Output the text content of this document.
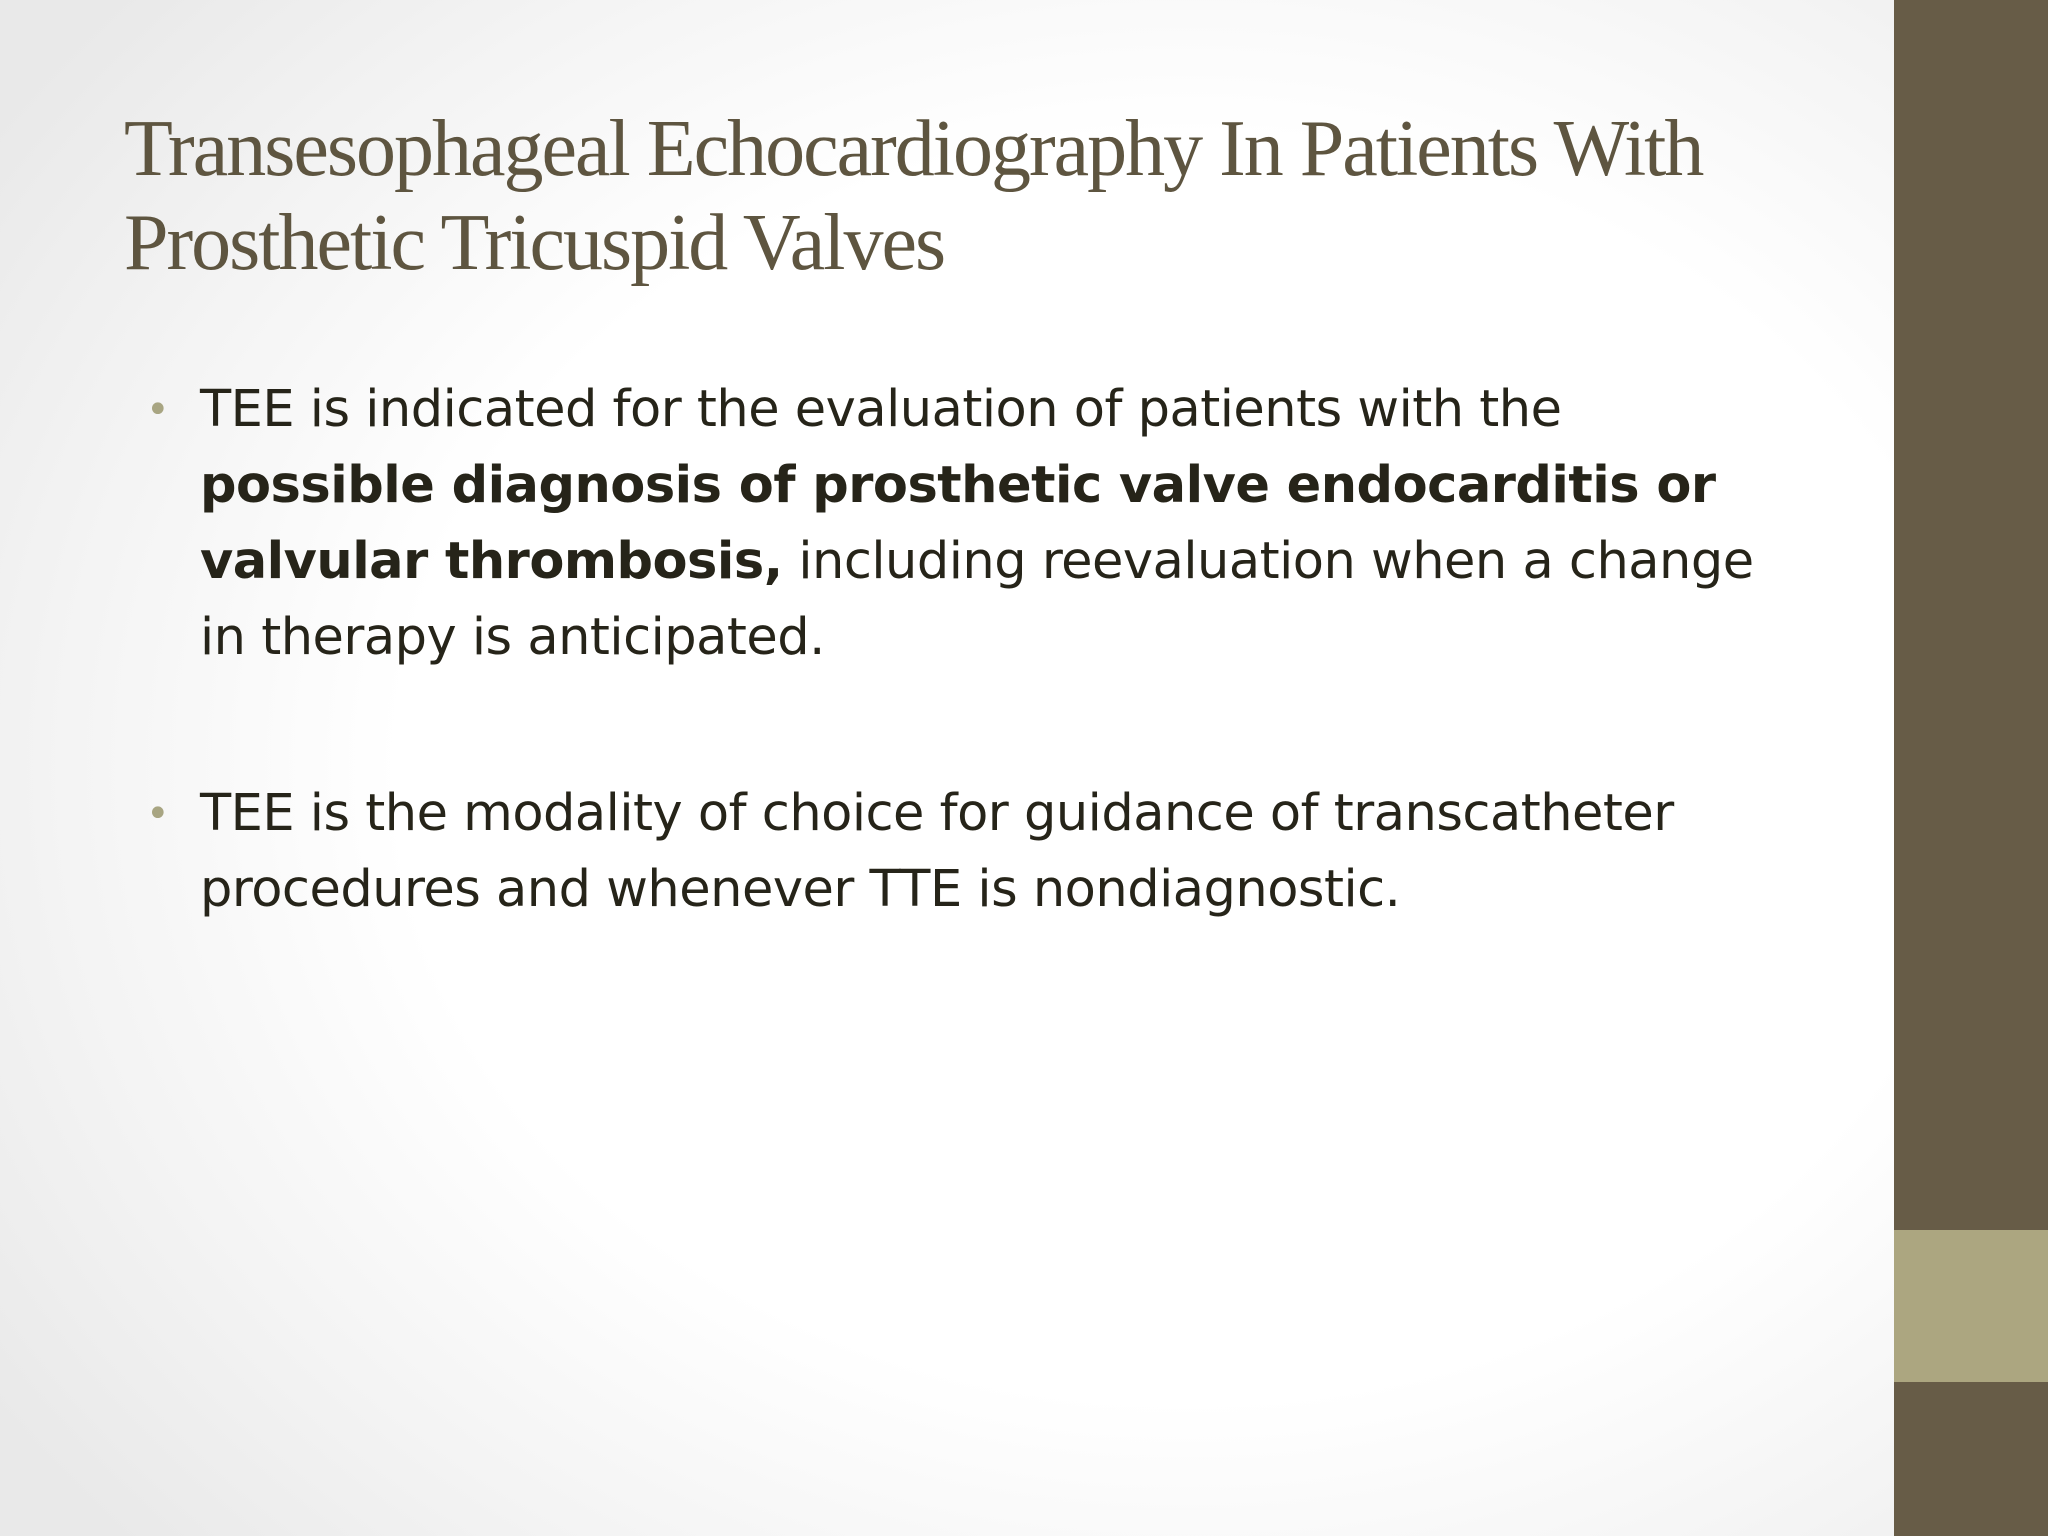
Transesophageal Echocardiography In Patients With Prosthetic Tricuspid Valves
• TEE is indicated for the evaluation of patients with the possible diagnosis of prosthetic valve endocarditis or valvular thrombosis, including reevaluation when a change in therapy is anticipated.
• TEE is the modality of choice for guidance of transcatheter procedures and whenever TTE is nondiagnostic.
